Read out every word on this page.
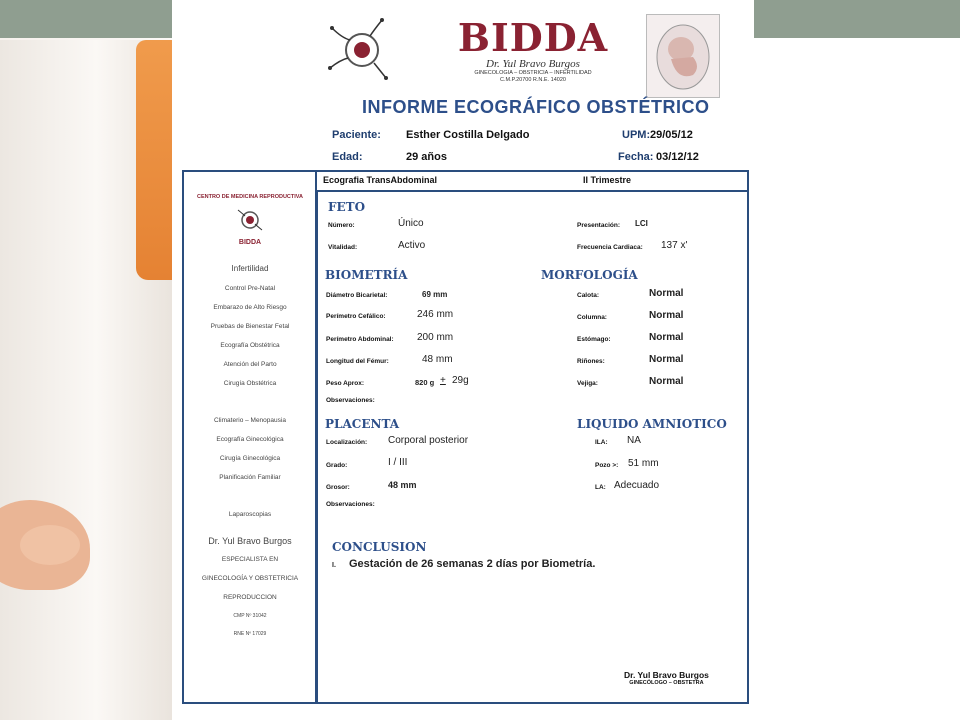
BIDDA
Dr. Yul Bravo Burgos
GINECOLOGIA – OBSTRICIA – INFERTILIDAD
C.M.P.20700 R.N.E. 14020
INFORME ECOGRÁFICO OBSTÉTRICO
Paciente: Esther Costilla Delgado	UPM: 29/05/12
Edad:	29 años	Fecha: 03/12/12
CENTRO DE MEDICINA REPRODUCTIVA
BIDDA
Infertilidad
Control Pre-Natal
Embarazo de Alto Riesgo
Pruebas de Bienestar Fetal
Ecografía Obstétrica
Atención del Parto
Cirugía Obstétrica
Climaterio – Menopausia
Ecografía Ginecológica
Cirugía Ginecológica
Planificación Familiar
Laparoscopias
Dr. Yul Bravo Burgos
ESPECIALISTA EN
GINECOLOGÍA Y OBSTETRICIA
REPRODUCCION
CMP Nº 31042
RNE Nº 17029
Ecografia TransAbdominal	II Trimestre
FETO
Número:	Único
Vitalidad:	Activo
Presentación: LCI
Frecuencia Cardiaca: 137 x'
BIOMETRÍA
Diámetro Bicarietal:	69 mm
Perímetro Cefálico:	246 mm
Perímetro Abdominal: 200 mm
Longitud del Fémur:	48 mm
Peso Aprox:	820 g + 29g
Observaciones:
MORFOLOGÍA
Calota:	Normal
Columna:	Normal
Estómago:	Normal
Riñones:	Normal
Vejiga:	Normal
PLACENTA
Localización: Corporal posterior
Grado:	I / III
Grosor:	48 mm
Observaciones:
LIQUIDO AMNIOTICO
ILA: NA
Pozo >: 51 mm
LA: Adecuado
CONCLUSION
I. Gestación de 26 semanas 2 días por Biometría.
Dr. Yul Bravo Burgos
GINECÓLOGO – OBSTETRA
